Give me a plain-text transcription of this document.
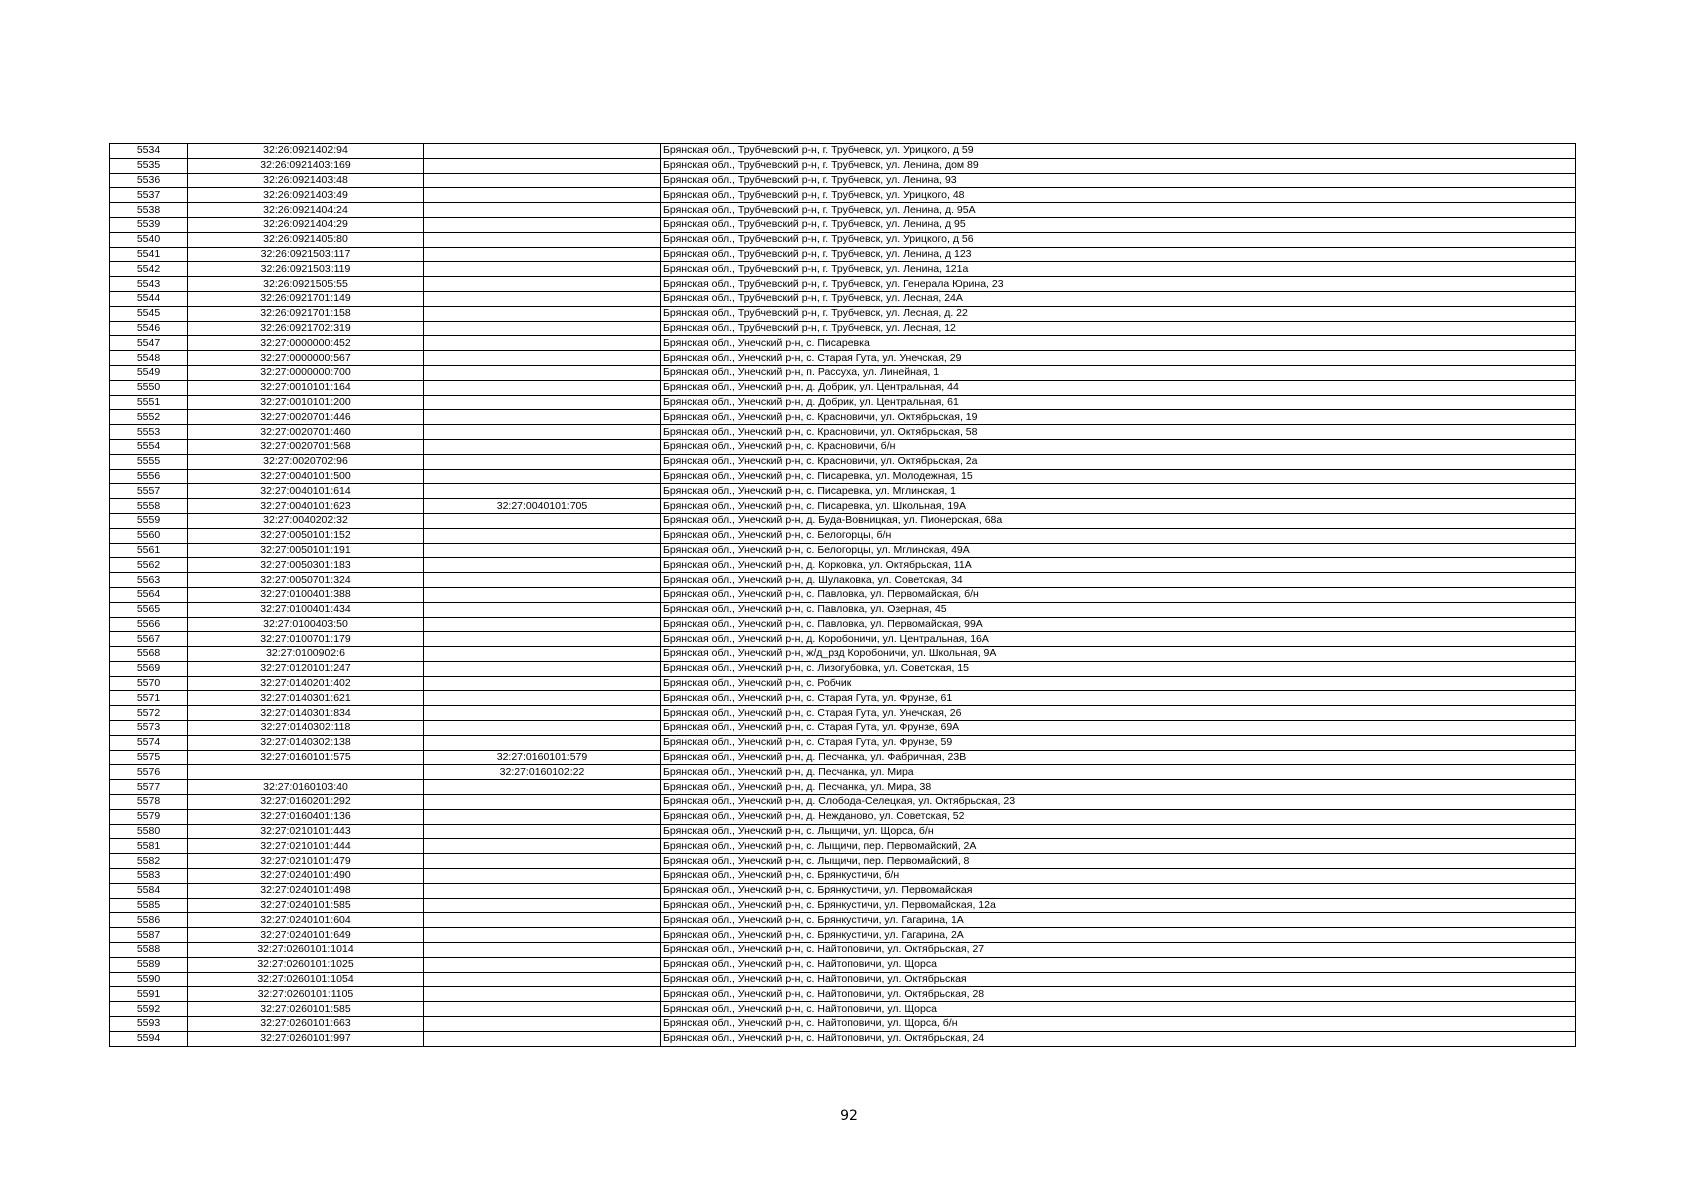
5534	32:26:0921402:94		Брянская обл., Трубчевский р-н, г. Трубчевск, ул. Урицкого, д 59
5535	32:26:0921403:169		Брянская обл., Трубчевский р-н, г. Трубчевск, ул. Ленина, дом 89
5536	32:26:0921403:48		Брянская обл., Трубчевский р-н, г. Трубчевск, ул. Ленина, 93
5537	32:26:0921403:49		Брянская обл., Трубчевский р-н, г. Трубчевск, ул. Урицкого, 48
5538	32:26:0921404:24		Брянская обл., Трубчевский р-н, г. Трубчевск, ул. Ленина, д. 95А
5539	32:26:0921404:29		Брянская обл., Трубчевский р-н, г. Трубчевск, ул. Ленина, д 95
5540	32:26:0921405:80		Брянская обл., Трубчевский р-н, г. Трубчевск, ул. Урицкого, д 56
5541	32:26:0921503:117		Брянская обл., Трубчевский р-н, г. Трубчевск, ул. Ленина, д 123
5542	32:26:0921503:119		Брянская обл., Трубчевский р-н, г. Трубчевск, ул. Ленина, 121а
5543	32:26:0921505:55		Брянская обл., Трубчевский р-н, г. Трубчевск, ул. Генерала Юрина, 23
5544	32:26:0921701:149		Брянская обл., Трубчевский р-н, г. Трубчевск, ул. Лесная, 24А
5545	32:26:0921701:158		Брянская обл., Трубчевский р-н, г. Трубчевск, ул. Лесная, д. 22
5546	32:26:0921702:319		Брянская обл., Трубчевский р-н, г. Трубчевск, ул. Лесная, 12
5547	32:27:0000000:452		Брянская обл., Унечский р-н, с. Писаревка
5548	32:27:0000000:567		Брянская обл., Унечский р-н, с. Старая Гута, ул. Унечская, 29
5549	32:27:0000000:700		Брянская обл., Унечский р-н, п. Рассуха, ул. Линейная, 1
5550	32:27:0010101:164		Брянская обл., Унечский р-н, д. Добрик, ул. Центральная, 44
5551	32:27:0010101:200		Брянская обл., Унечский р-н, д. Добрик, ул. Центральная, 61
5552	32:27:0020701:446		Брянская обл., Унечский р-н, с. Красновичи, ул. Октябрьская, 19
5553	32:27:0020701:460		Брянская обл., Унечский р-н, с. Красновичи, ул. Октябрьская, 58
5554	32:27:0020701:568		Брянская обл., Унечский р-н, с. Красновичи, б/н
5555	32:27:0020702:96		Брянская обл., Унечский р-н, с. Красновичи, ул. Октябрьская, 2а
5556	32:27:0040101:500		Брянская обл., Унечский р-н, с. Писаревка, ул. Молодежная, 15
5557	32:27:0040101:614		Брянская обл., Унечский р-н, с. Писаревка, ул. Мглинская, 1
5558	32:27:0040101:623	32:27:0040101:705	Брянская обл., Унечский р-н, с. Писаревка, ул. Школьная, 19А
5559	32:27:0040202:32		Брянская обл., Унечский р-н, д. Буда-Вовницкая, ул. Пионерская, 68а
5560	32:27:0050101:152		Брянская обл., Унечский р-н, с. Белогорцы, б/н
5561	32:27:0050101:191		Брянская обл., Унечский р-н, с. Белогорцы, ул. Мглинская, 49А
5562	32:27:0050301:183		Брянская обл., Унечский р-н, д. Корковка, ул. Октябрьская, 11А
5563	32:27:0050701:324		Брянская обл., Унечский р-н, д. Шулаковка, ул. Советская, 34
5564	32:27:0100401:388		Брянская обл., Унечский р-н, с. Павловка, ул. Первомайская, б/н
5565	32:27:0100401:434		Брянская обл., Унечский р-н, с. Павловка, ул. Озерная, 45
5566	32:27:0100403:50		Брянская обл., Унечский р-н, с. Павловка, ул. Первомайская, 99А
5567	32:27:0100701:179		Брянская обл., Унечский р-н, д. Коробоничи, ул. Центральная, 16А
5568	32:27:0100902:6		Брянская обл., Унечский р-н, ж/д_рзд Коробоничи, ул. Школьная, 9А
5569	32:27:0120101:247		Брянская обл., Унечский р-н, с. Лизогубовка, ул. Советская, 15
5570	32:27:0140201:402		Брянская обл., Унечский р-н, с. Робчик
5571	32:27:0140301:621		Брянская обл., Унечский р-н, с. Старая Гута, ул. Фрунзе, 61
5572	32:27:0140301:834		Брянская обл., Унечский р-н, с. Старая Гута, ул. Унечская, 26
5573	32:27:0140302:118		Брянская обл., Унечский р-н, с. Старая Гута, ул. Фрунзе, 69А
5574	32:27:0140302:138		Брянская обл., Унечский р-н, с. Старая Гута, ул. Фрунзе, 59
5575	32:27:0160101:575	32:27:0160101:579	Брянская обл., Унечский р-н, д. Песчанка, ул. Фабричная, 23В
5576		32:27:0160102:22	Брянская обл., Унечский р-н, д. Песчанка, ул. Мира
5577	32:27:0160103:40		Брянская обл., Унечский р-н, д. Песчанка, ул. Мира, 38
5578	32:27:0160201:292		Брянская обл., Унечский р-н, д. Слобода-Селецкая, ул. Октябрьская, 23
5579	32:27:0160401:136		Брянская обл., Унечский р-н, д. Нежданово, ул. Советская, 52
5580	32:27:0210101:443		Брянская обл., Унечский р-н, с. Лыщичи, ул. Щорса, б/н
5581	32:27:0210101:444		Брянская обл., Унечский р-н, с. Лыщичи, пер. Первомайский, 2А
5582	32:27:0210101:479		Брянская обл., Унечский р-н, с. Лыщичи, пер. Первомайский, 8
5583	32:27:0240101:490		Брянская обл., Унечский р-н, с. Брянкустичи, б/н
5584	32:27:0240101:498		Брянская обл., Унечский р-н, с. Брянкустичи, ул. Первомайская
5585	32:27:0240101:585		Брянская обл., Унечский р-н, с. Брянкустичи, ул. Первомайская, 12а
5586	32:27:0240101:604		Брянская обл., Унечский р-н, с. Брянкустичи, ул. Гагарина, 1А
5587	32:27:0240101:649		Брянская обл., Унечский р-н, с. Брянкустичи, ул. Гагарина, 2А
5588	32:27:0260101:1014		Брянская обл., Унечский р-н, с. Найтоповичи, ул. Октябрьская, 27
5589	32:27:0260101:1025		Брянская обл., Унечский р-н, с. Найтоповичи, ул. Щорса
5590	32:27:0260101:1054		Брянская обл., Унечский р-н, с. Найтоповичи, ул. Октябрьская
5591	32:27:0260101:1105		Брянская обл., Унечский р-н, с. Найтоповичи, ул. Октябрьская, 28
5592	32:27:0260101:585		Брянская обл., Унечский р-н, с. Найтоповичи, ул. Щорса
5593	32:27:0260101:663		Брянская обл., Унечский р-н, с. Найтоповичи, ул. Щорса, б/н
5594	32:27:0260101:997		Брянская обл., Унечский р-н, с. Найтоповичи, ул. Октябрьская, 24
92
